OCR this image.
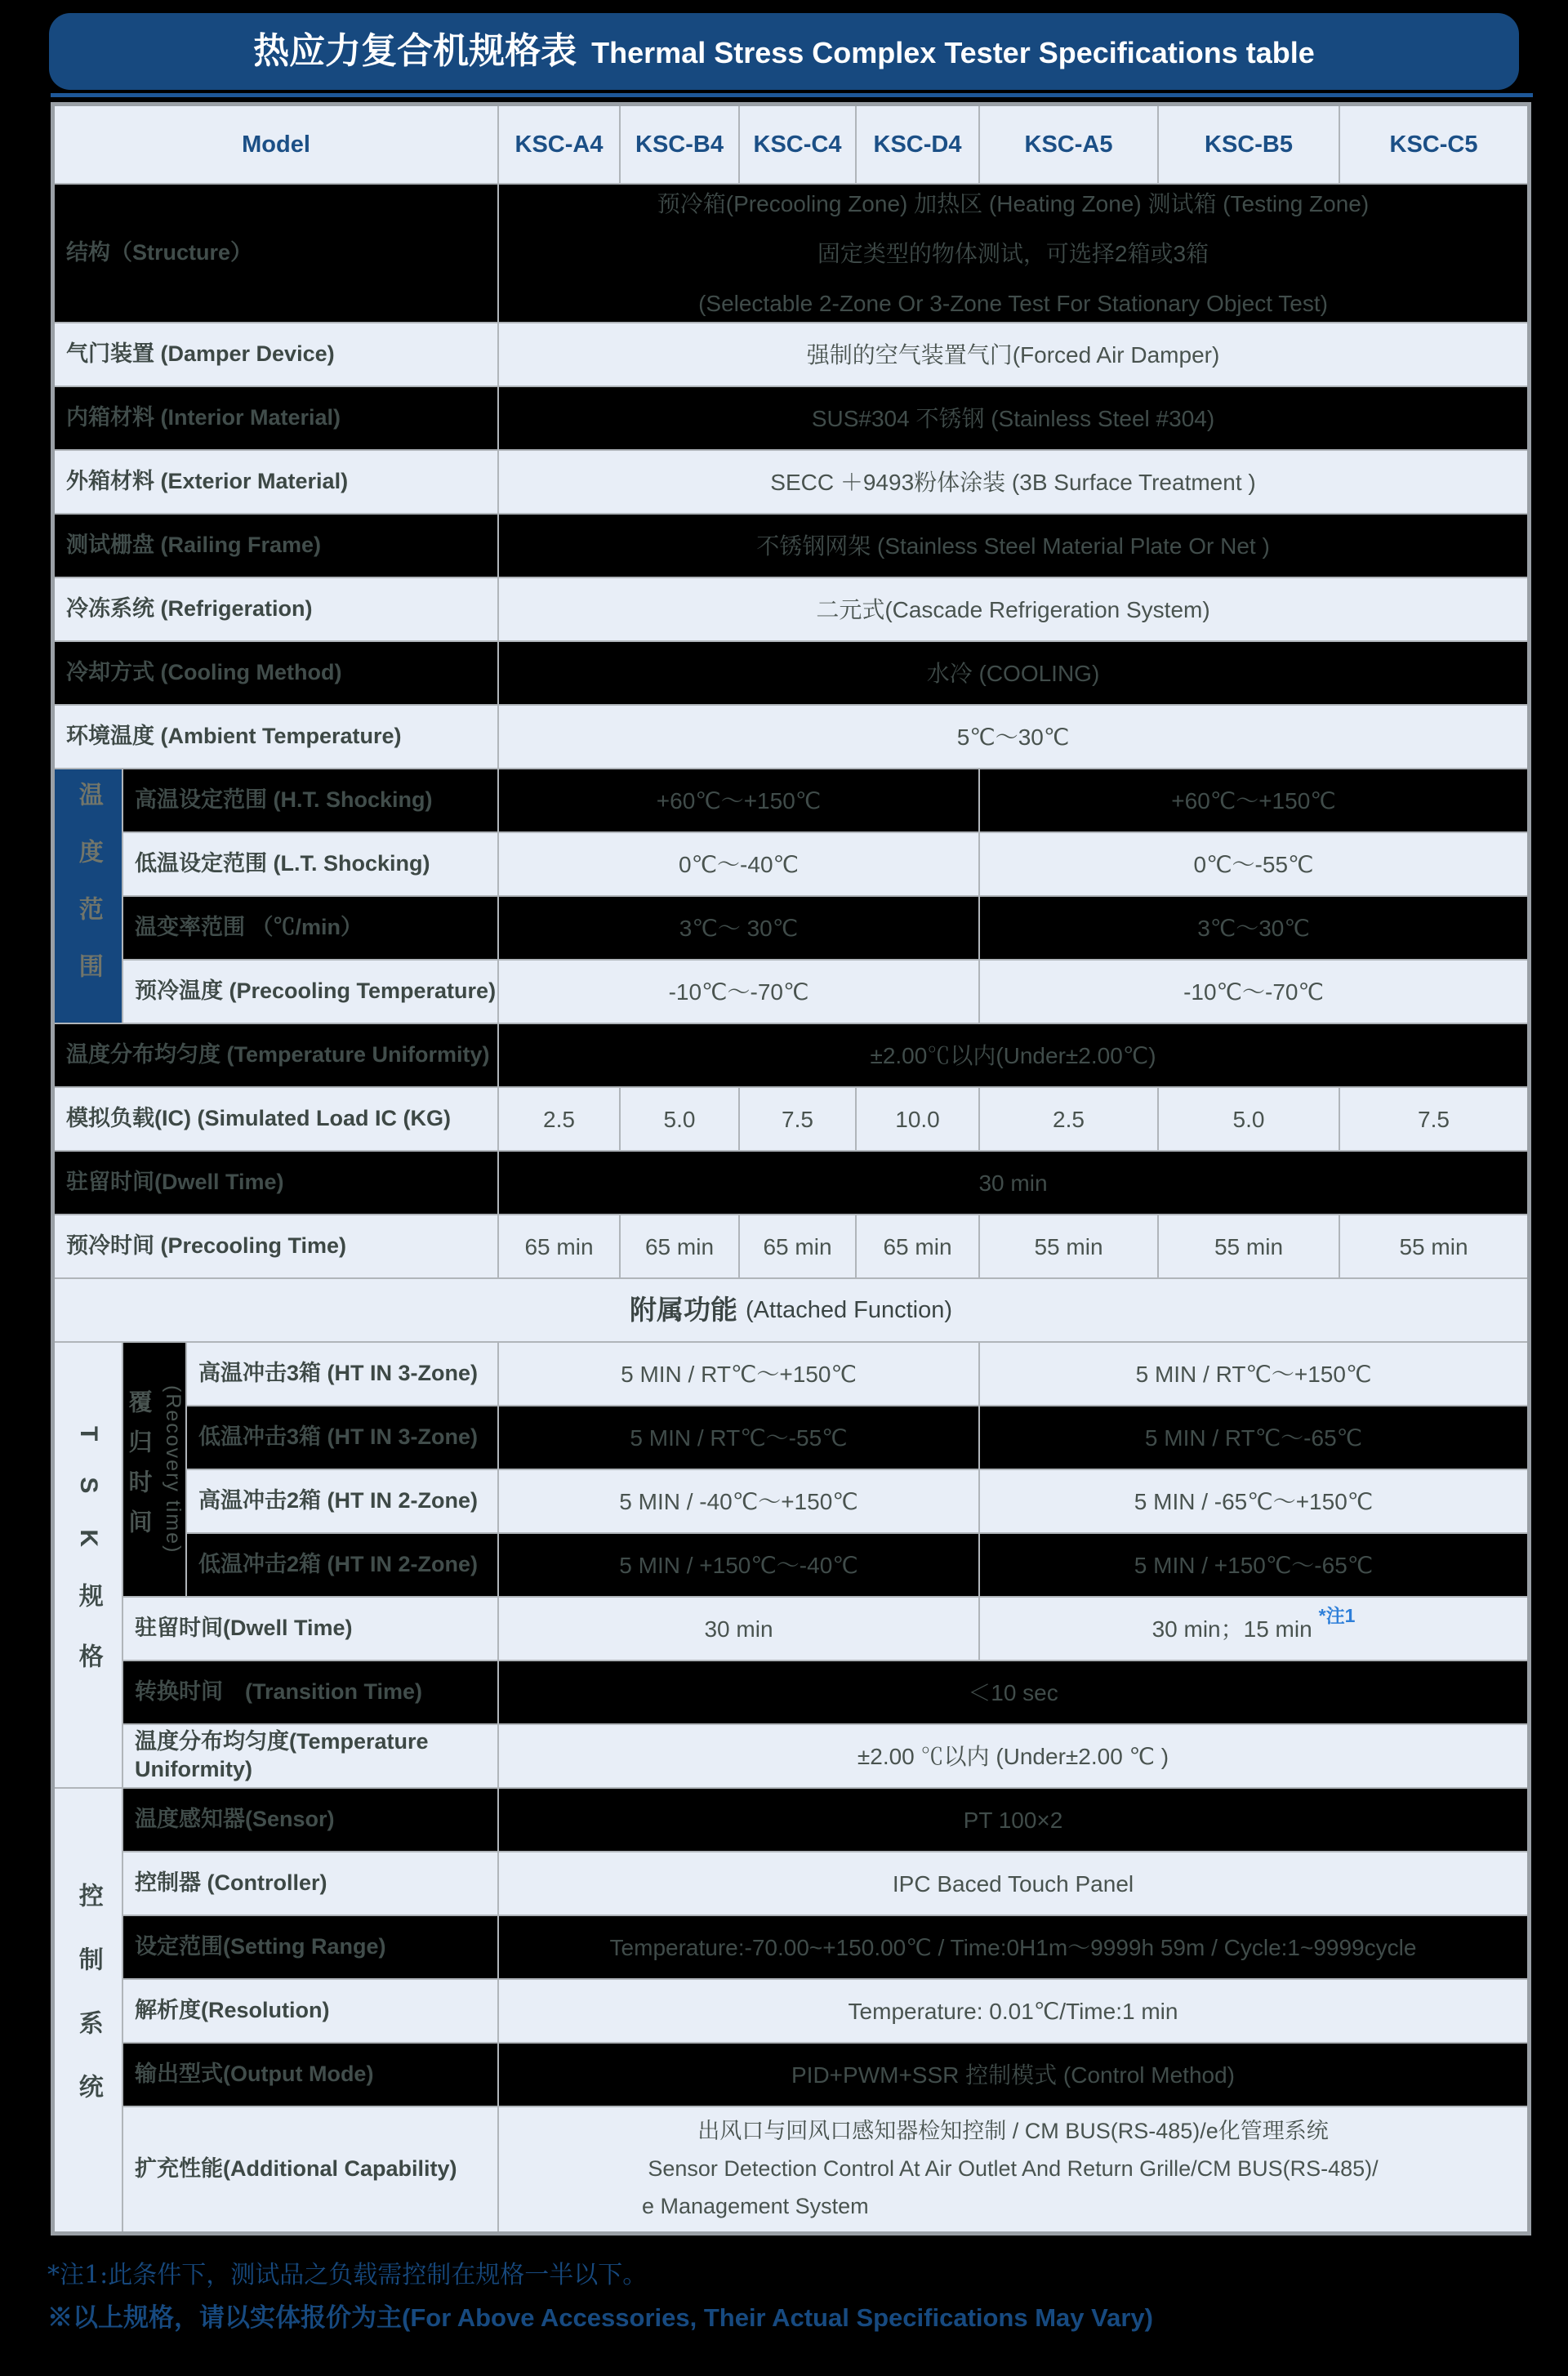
热应力复合机规格表 Thermal Stress Complex Tester Specifications table
Model	KSC-A4	KSC-B4	KSC-C4	KSC-D4	KSC-A5	KSC-B5	KSC-C5
结构（Structure）
预冷箱(Precooling Zone) 加热区 (Heating Zone) 测试箱 (Testing Zone)
固定类型的物体测试，可选择2箱或3箱
(Selectable 2-Zone Or 3-Zone Test For Stationary Object Test)
气门装置 (Damper Device)	强制的空气装置气门(Forced Air Damper)
内箱材料 (Interior Material)	SUS#304 不锈钢 (Stainless Steel #304)
外箱材料 (Exterior Material)	SECC ＋9493粉体涂装 (3B Surface Treatment )
测试栅盘 (Railing Frame)	不锈钢网架 (Stainless Steel Material Plate Or Net )
冷冻系统 (Refrigeration)	二元式(Cascade Refrigeration System)
冷却方式 (Cooling Method)	水冷 (COOLING)
环境温度 (Ambient Temperature)	5℃～30℃
温度范围	高温设定范围 (H.T. Shocking)	+60℃～+150℃	+60℃～+150℃
低温设定范围 (L.T. Shocking)	0℃～-40℃	0℃～-55℃
温变率范围 （℃/min）	3℃～ 30℃	3℃～30℃
预冷温度 (Precooling Temperature)	-10℃～-70℃	-10℃～-70℃
温度分布均匀度 (Temperature Uniformity)	±2.00℃以内(Under±2.00℃)
模拟负载(IC) (Simulated Load IC (KG)	2.5	5.0	7.5	10.0	2.5	5.0	7.5
驻留时间(Dwell Time)	30 min
预冷时间 (Precooling Time)	65 min	65 min	65 min	65 min	55 min	55 min	55 min
附属功能 (Attached Function)
TSK规格 覆归时间 (Recovery time)
高温冲击3箱 (HT IN 3-Zone)	5 MIN / RT℃～+150℃	5 MIN / RT℃～+150℃
低温冲击3箱 (HT IN 3-Zone)	5 MIN / RT℃～-55℃	5 MIN / RT℃～-65℃
高温冲击2箱 (HT IN 2-Zone)	5 MIN / -40℃～+150℃	5 MIN / -65℃～+150℃
低温冲击2箱 (HT IN 2-Zone)	5 MIN / +150℃～-40℃	5 MIN / +150℃～-65℃
驻留时间(Dwell Time)	30 min	30 min；15 min
$^{*注1}$
转换时间　(Transition Time)	＜10 sec
温度分布均匀度(Temperature Uniformity)
±2.00 ℃以内 (Under±2.00 ℃ )
控制系统
温度感知器(Sensor)	PT 100×2
控制器 (Controller)	IPC Baced Touch Panel
设定范围(Setting Range)	Temperature:-70.00~+150.00℃ / Time:0H1m～9999h 59m / Cycle:1~9999cycle
解析度(Resolution)	Temperature: 0.01℃/Time:1 min
输出型式(Output Mode)	PID+PWM+SSR 控制模式 (Control Method)
扩充性能(Additional Capability)
出风口与回风口感知器检知控制 / CM BUS(RS-485)/e化管理系统
Sensor Detection Control At Air Outlet And Return Grille/CM BUS(RS-485)/
e Management System
*注1:此条件下，测试品之负载需控制在规格一半以下。
※以上规格，请以实体报价为主(For Above Accessories, Their Actual Specifications May Vary)
